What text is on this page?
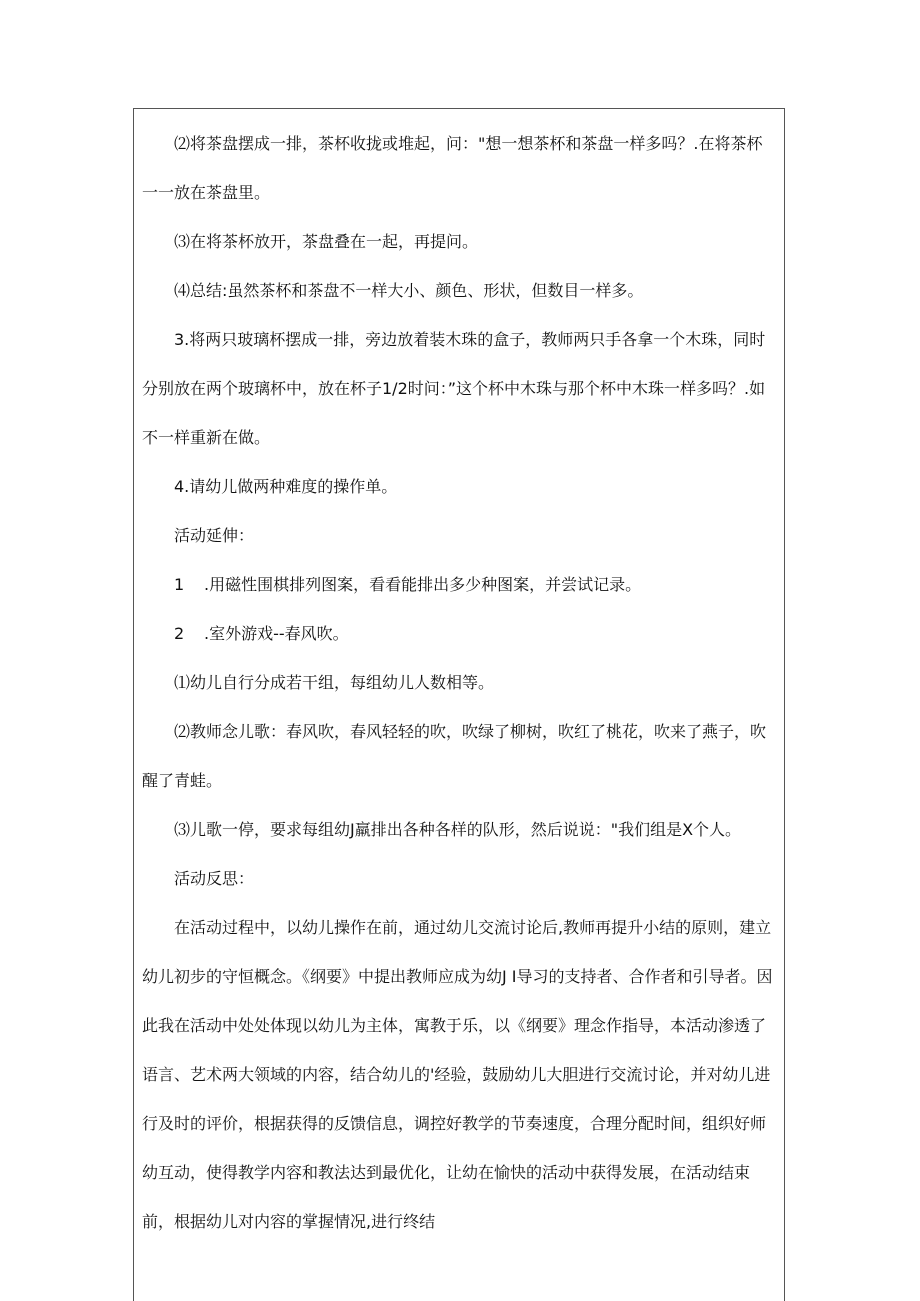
⑵将茶盘摆成一排，茶杯收拢或堆起，问："想一想茶杯和茶盘一样多吗？.在将茶杯一一放在茶盘里。

⑶在将茶杯放开，茶盘叠在一起，再提问。

⑷总结:虽然茶杯和茶盘不一样大小、颜色、形状，但数目一样多。

3.将两只玻璃杯摆成一排，旁边放着装木珠的盒子，教师两只手各拿一个木珠，同时分别放在两个玻璃杯中，放在杯子1/2时问：”这个杯中木珠与那个杯中木珠一样多吗？.如不一样重新在做。

4.请幼儿做两种难度的操作单。

活动延伸：

1 .用磁性围棋排列图案，看看能排出多少种图案，并尝试记录。

2 .室外游戏--春风吹。

⑴幼儿自行分成若干组，每组幼儿人数相等。

⑵教师念儿歌：春风吹，春风轻轻的吹，吹绿了柳树，吹红了桃花，吹来了燕子，吹醒了青蛙。

⑶儿歌一停，要求每组幼J羸排出各种各样的队形，然后说说："我们组是X个人。

活动反思：

在活动过程中，以幼儿操作在前，通过幼儿交流讨论后,教师再提升小结的原则，建立幼儿初步的守恒概念。《纲要》中提出教师应成为幼J I导习的支持者、合作者和引导者。因此我在活动中处处体现以幼儿为主体，寓教于乐，以《纲要》理念作指导，本活动渗透了语言、艺术两大领域的内容，结合幼儿的'经验，鼓励幼儿大胆进行交流讨论，并对幼儿进行及时的评价，根据获得的反馈信息，调控好教学的节奏速度，合理分配时间，组织好师幼互动，使得教学内容和教法达到最优化，让幼在愉快的活动中获得发展，在活动结束前，根据幼儿对内容的掌握情况,进行终结
